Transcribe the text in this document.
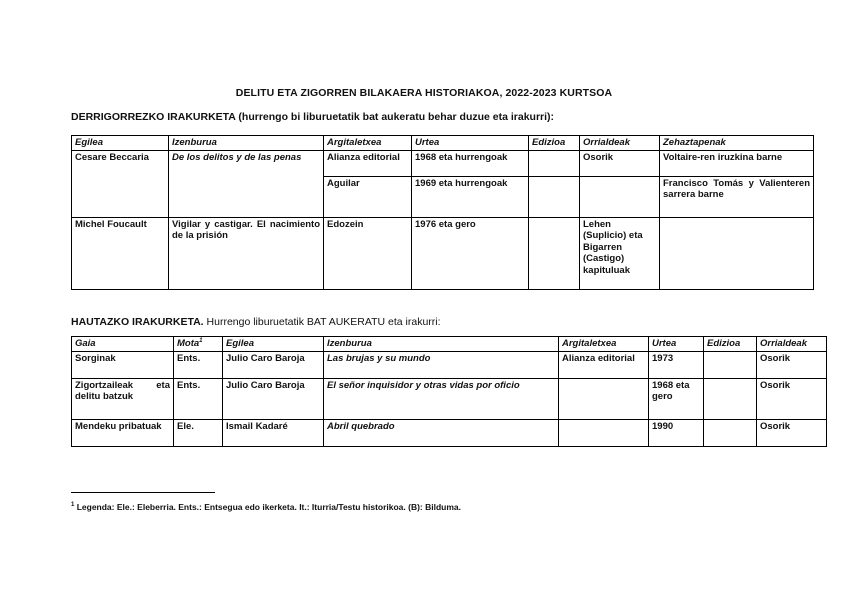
DELITU ETA ZIGORREN BILAKAERA HISTORIAKOA, 2022-2023 KURTSOA
DERRIGORREZKO IRAKURKETA (hurrengo bi liburuetatik bat aukeratu behar duzue eta irakurri):
Egilea	Izenburua	Argitaletxea	Urtea	Edizioa	Orrialdeak	Zehaztapenak
Cesare Beccaria	De los delitos y de las penas	Alianza editorial	1968 eta hurrengoak		Osorik	Voltaire-ren iruzkina barne
		Aguilar	1969 eta hurrengoak			Francisco Tomás y Valienteren sarrera barne
Michel Foucault	Vigilar y castigar. El nacimiento de la prisión	Edozein	1976 eta gero		Lehen (Suplicio) eta Bigarren (Castigo) kapituluak	
HAUTAZKO IRAKURKETA. Hurrengo liburuetatik BAT AUKERATU eta irakurri:
Gaia	Mota$^1$	Egilea	Izenburua	Argitaletxea	Urtea	Edizioa	Orrialdeak
Sorginak	Ents.	Julio Caro Baroja	Las brujas y su mundo	Alianza editorial	1973		Osorik
Zigortzaileak eta delitu batzuk	Ents.	Julio Caro Baroja	El señor inquisidor y otras vidas por oficio		1968 eta gero		Osorik
Mendeku pribatuak	Ele.	Ismail Kadaré	Abril quebrado		1990		Osorik
$^1$ Legenda: Ele.: Eleberria. Ents.: Entsegua edo ikerketa. It.: Iturria/Testu historikoa. (B): Bilduma.
